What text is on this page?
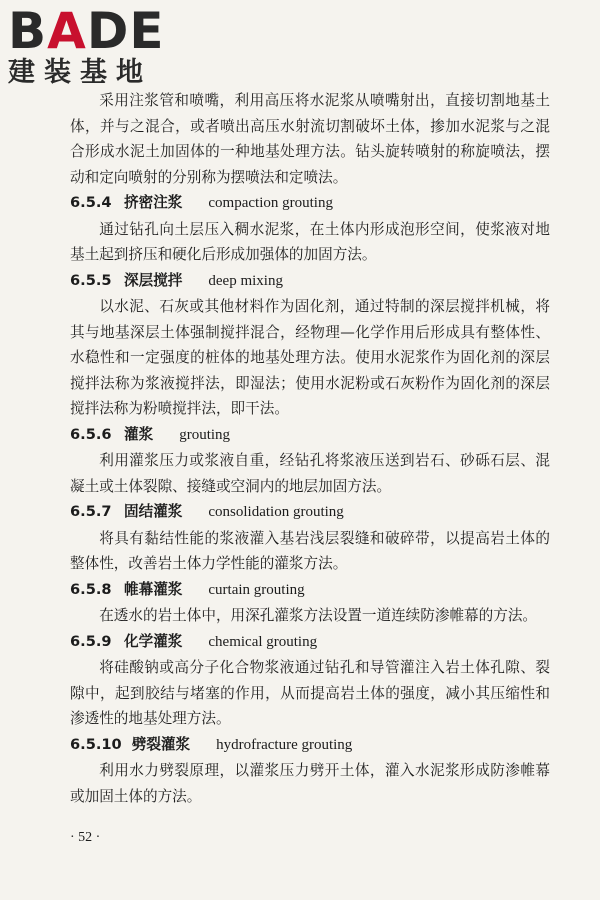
BADE
建装基地

采用注浆管和喷嘴，利用高压将水泥浆从喷嘴射出，直接切割地基土体，并与之混合，或者喷出高压水射流切割破坏土体，掺加水泥浆与之混合形成水泥土加固体的一种地基处理方法。钻头旋转喷射的称旋喷法，摆动和定向喷射的分别称为摆喷法和定喷法。

6.5.4 挤密注浆 compaction grouting

通过钻孔向土层压入稠水泥浆，在土体内形成泡形空间，使浆液对地基土起到挤压和硬化后形成加强体的加固方法。

6.5.5 深层搅拌 deep mixing

以水泥、石灰或其他材料作为固化剂，通过特制的深层搅拌机械，将其与地基深层土体强制搅拌混合，经物理—化学作用后形成具有整体性、水稳性和一定强度的桩体的地基处理方法。使用水泥浆作为固化剂的深层搅拌法称为浆液搅拌法，即湿法；使用水泥粉或石灰粉作为固化剂的深层搅拌法称为粉喷搅拌法，即干法。

6.5.6 灌浆 grouting

利用灌浆压力或浆液自重，经钻孔将浆液压送到岩石、砂砾石层、混凝土或土体裂隙、接缝或空洞内的地层加固方法。

6.5.7 固结灌浆 consolidation grouting

将具有黏结性能的浆液灌入基岩浅层裂缝和破碎带，以提高岩土体的整体性，改善岩土体力学性能的灌浆方法。

6.5.8 帷幕灌浆 curtain grouting

在透水的岩土体中，用深孔灌浆方法设置一道连续防渗帷幕的方法。

6.5.9 化学灌浆 chemical grouting

将硅酸钠或高分子化合物浆液通过钻孔和导管灌注入岩土体孔隙、裂隙中，起到胶结与堵塞的作用，从而提高岩土体的强度，减小其压缩性和渗透性的地基处理方法。

6.5.10 劈裂灌浆 hydrofracture grouting

利用水力劈裂原理，以灌浆压力劈开土体，灌入水泥浆形成防渗帷幕或加固土体的方法。

· 52 ·
